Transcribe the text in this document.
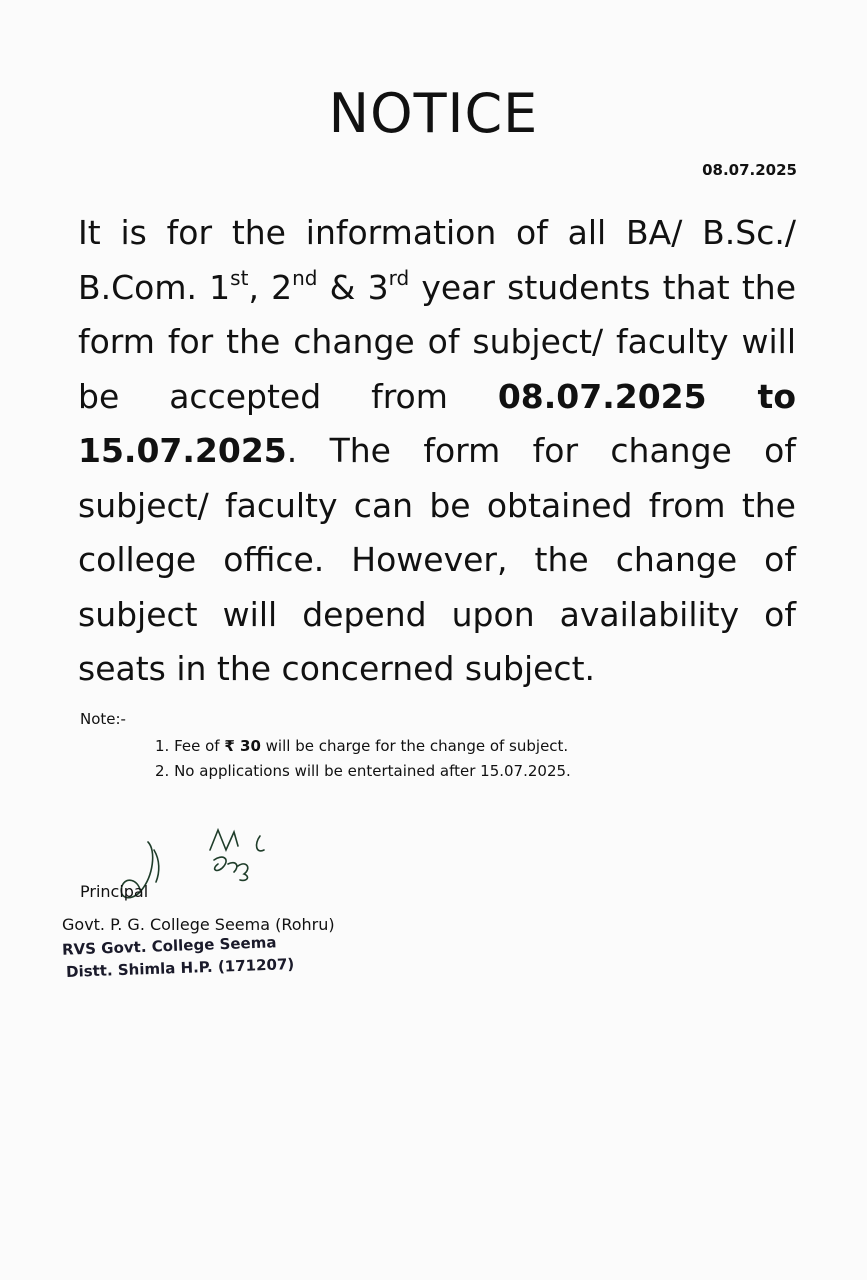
NOTICE
08.07.2025
It is for the information of all BA/ B.Sc./ B.Com. 1st, 2nd & 3rd year students that the form for the change of subject/ faculty will be accepted from 08.07.2025 to 15.07.2025. The form for change of subject/ faculty can be obtained from the college office. However, the change of subject will depend upon availability of seats in the concerned subject.
Note:-
1. Fee of ₹ 30 will be charge for the change of subject.
2. No applications will be entertained after 15.07.2025.
Principal
Govt. P. G. College Seema (Rohru)
RVS Govt. College Seema
Distt. Shimla H.P. (171207)
